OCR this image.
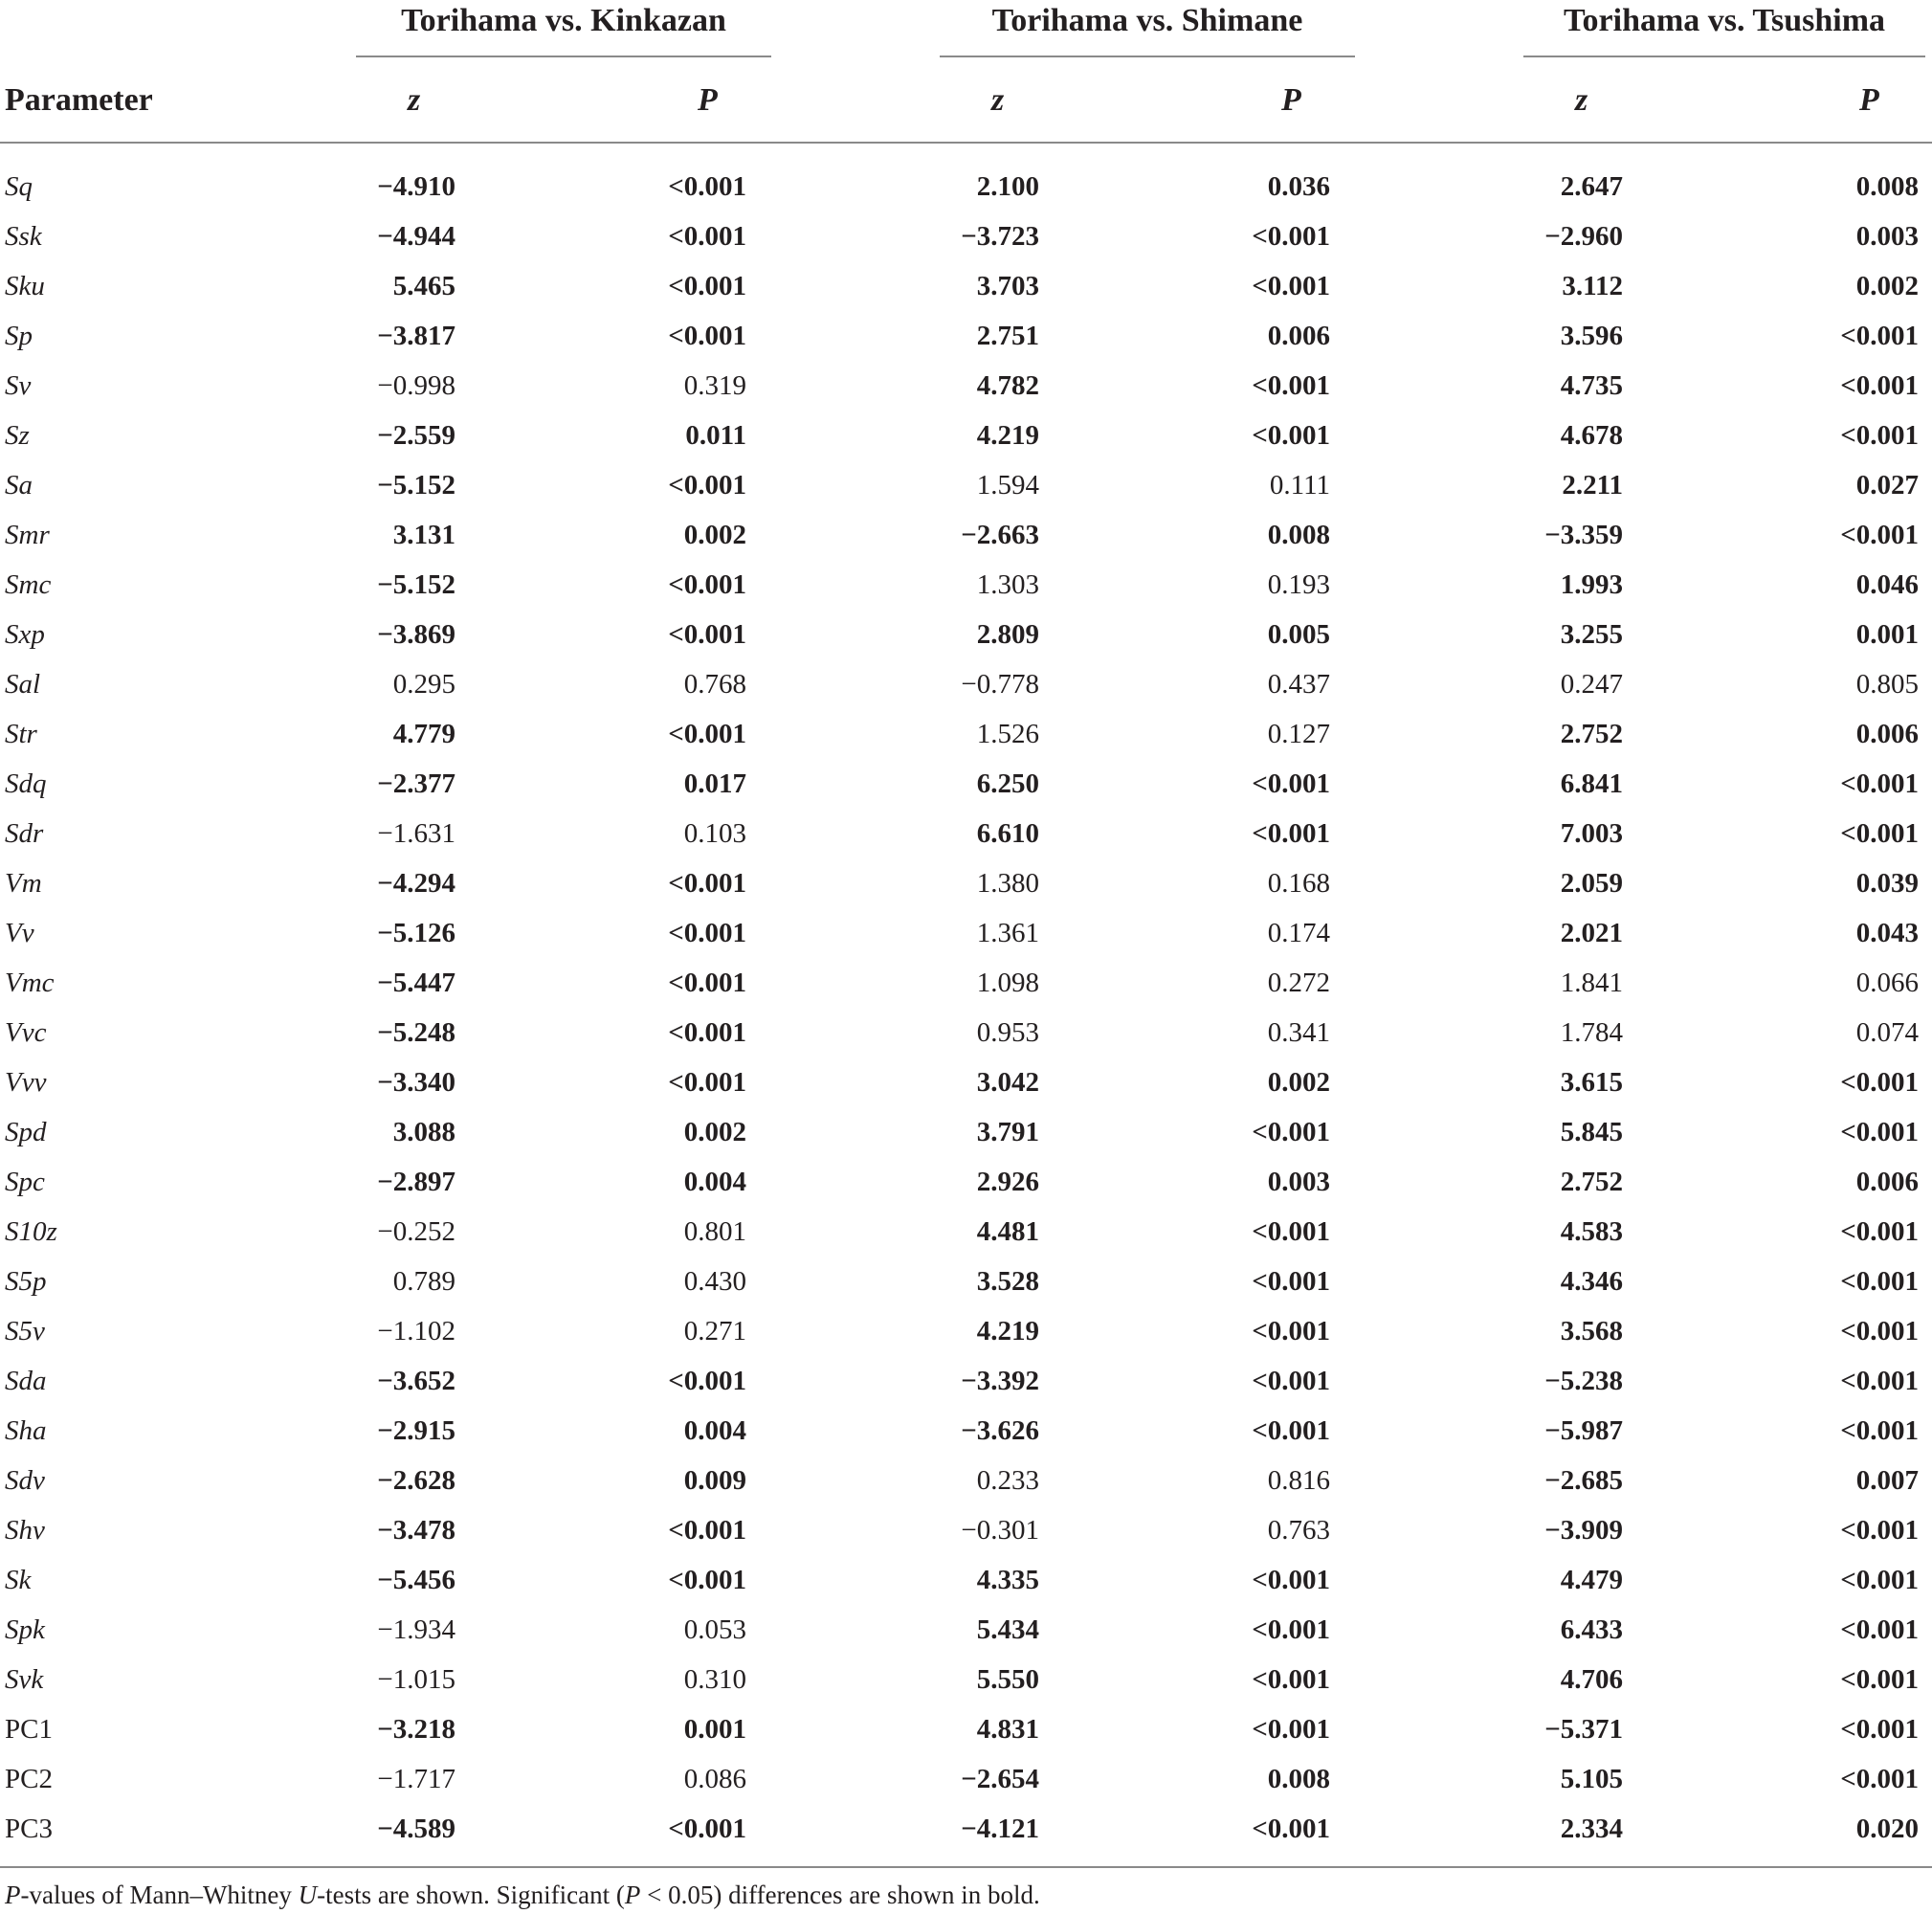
Torihama vs. Kinkazan	Torihama vs. Shimane	Torihama vs. Tsushima
Parameter	z	P	z	P	z	P
Sq	−4.910	<0.001	2.100	0.036	2.647	0.008
Ssk	−4.944	<0.001	−3.723	<0.001	−2.960	0.003
Sku	5.465	<0.001	3.703	<0.001	3.112	0.002
Sp	−3.817	<0.001	2.751	0.006	3.596	<0.001
Sv	−0.998	0.319	4.782	<0.001	4.735	<0.001
Sz	−2.559	0.011	4.219	<0.001	4.678	<0.001
Sa	−5.152	<0.001	1.594	0.111	2.211	0.027
Smr	3.131	0.002	−2.663	0.008	−3.359	<0.001
Smc	−5.152	<0.001	1.303	0.193	1.993	0.046
Sxp	−3.869	<0.001	2.809	0.005	3.255	0.001
Sal	0.295	0.768	−0.778	0.437	0.247	0.805
Str	4.779	<0.001	1.526	0.127	2.752	0.006
Sdq	−2.377	0.017	6.250	<0.001	6.841	<0.001
Sdr	−1.631	0.103	6.610	<0.001	7.003	<0.001
Vm	−4.294	<0.001	1.380	0.168	2.059	0.039
Vv	−5.126	<0.001	1.361	0.174	2.021	0.043
Vmc	−5.447	<0.001	1.098	0.272	1.841	0.066
Vvc	−5.248	<0.001	0.953	0.341	1.784	0.074
Vvv	−3.340	<0.001	3.042	0.002	3.615	<0.001
Spd	3.088	0.002	3.791	<0.001	5.845	<0.001
Spc	−2.897	0.004	2.926	0.003	2.752	0.006
S10z	−0.252	0.801	4.481	<0.001	4.583	<0.001
S5p	0.789	0.430	3.528	<0.001	4.346	<0.001
S5v	−1.102	0.271	4.219	<0.001	3.568	<0.001
Sda	−3.652	<0.001	−3.392	<0.001	−5.238	<0.001
Sha	−2.915	0.004	−3.626	<0.001	−5.987	<0.001
Sdv	−2.628	0.009	0.233	0.816	−2.685	0.007
Shv	−3.478	<0.001	−0.301	0.763	−3.909	<0.001
Sk	−5.456	<0.001	4.335	<0.001	4.479	<0.001
Spk	−1.934	0.053	5.434	<0.001	6.433	<0.001
Svk	−1.015	0.310	5.550	<0.001	4.706	<0.001
PC1	−3.218	0.001	4.831	<0.001	−5.371	<0.001
PC2	−1.717	0.086	−2.654	0.008	5.105	<0.001
PC3	−4.589	<0.001	−4.121	<0.001	2.334	0.020
P-values of Mann–Whitney U-tests are shown. Significant (P < 0.05) differences are shown in bold.
